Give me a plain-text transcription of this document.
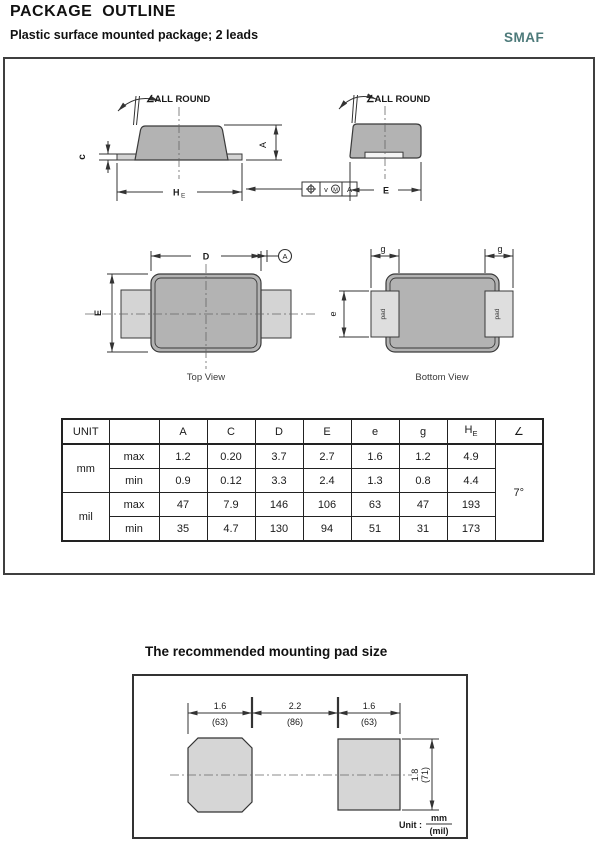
PACKAGE  OUTLINE
Plastic surface mounted package; 2 leads	SMAF
∠ALL ROUND
A
c
H E
v M A
∠ALL ROUND
E
D	A
E
Top View
pad	pad
g	g
e
Bottom View
UNIT		A	C	D	E	e	g	$H_E$	∠
mm	max	1.2	0.20	3.7	2.7	1.6	1.2	4.9	7°
	min	0.9	0.12	3.3	2.4	1.3	0.8	4.4	
mil	max	47	7.9	146	106	63	47	193	
	min	35	4.7	130	94	51	31	173	
The recommended mounting pad size
1.6
(63)
2.2
(86)
1.6
(63)
1.8 (71)
Unit :
mm
(mil)
